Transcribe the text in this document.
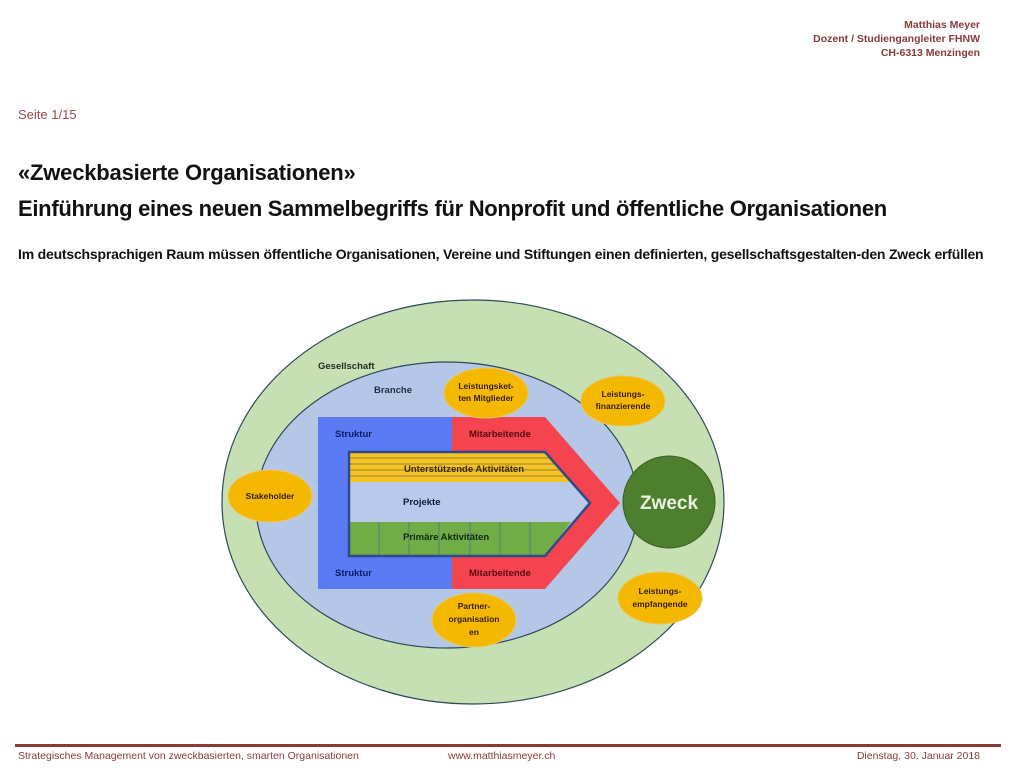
Matthias Meyer
Dozent / Studiengangleiter FHNW
CH-6313 Menzingen
Seite 1/15
«Zweckbasierte Organisationen»
Einführung eines neuen Sammelbegriffs für Nonprofit und öffentliche Organisationen
Im deutschsprachigen Raum müssen öffentliche Organisationen, Vereine und Stiftungen einen definierten, gesellschaftsgestalten-den Zweck erfüllen
Gesellschaft
Branche
Struktur
Struktur
Mitarbeitende
Mitarbeitende
Unterstützende Aktivitäten
Projekte
Primäre Aktivitäten
Zweck
Leistungsket-
ten Mitglieder	Leistungs-
finanzierende
Stakeholder
Partner-
organisation
en
Leistungs-
empfangende
Strategisches Management von zweckbasierten, smarten Organisationen	www.matthiasmeyer.ch	Dienstag, 30. Januar 2018
